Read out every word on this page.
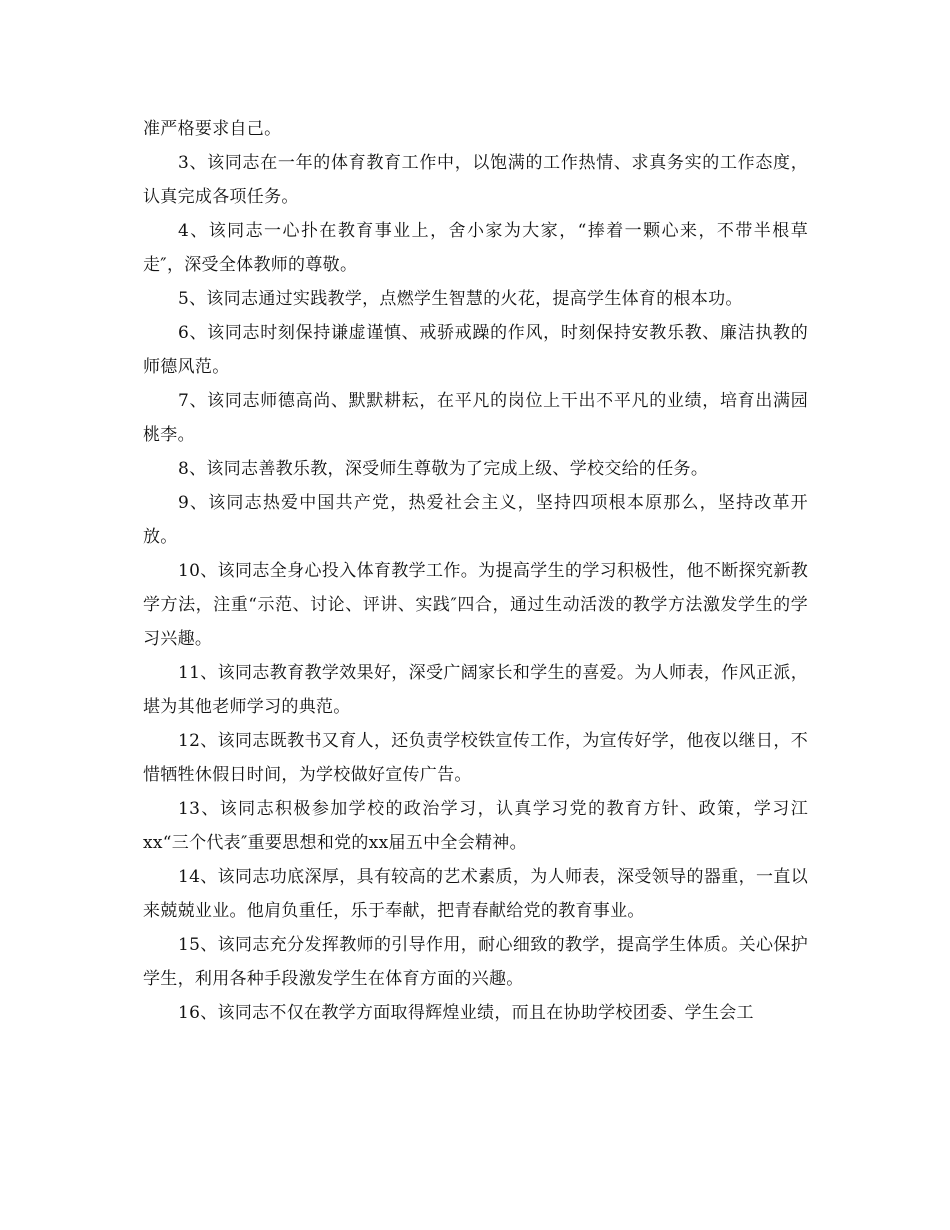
准严格要求自己。

3、该同志在一年的体育教育工作中，以饱满的工作热情、求真务实的工作态度，认真完成各项任务。

4、该同志一心扑在教育事业上，舍小家为大家，“捧着一颗心来，不带半根草走″，深受全体教师的尊敬。

5、该同志通过实践教学，点燃学生智慧的火花，提高学生体育的根本功。

6、该同志时刻保持谦虚谨慎、戒骄戒躁的作风，时刻保持安教乐教、廉洁执教的师德风范。

7、该同志师德高尚、默默耕耘，在平凡的岗位上干出不平凡的业绩，培育出满园桃李。

8、该同志善教乐教，深受师生尊敬为了完成上级、学校交给的任务。

9、该同志热爱中国共产党，热爱社会主义，坚持四项根本原那么，坚持改革开放。

10、该同志全身心投入体育教学工作。为提高学生的学习积极性，他不断探究新教学方法，注重“示范、讨论、评讲、实践″四合，通过生动活泼的教学方法激发学生的学习兴趣。

11、该同志教育教学效果好，深受广阔家长和学生的喜爱。为人师表，作风正派，堪为其他老师学习的典范。

12、该同志既教书又育人，还负责学校铁宣传工作，为宣传好学，他夜以继日，不惜牺牲休假日时间，为学校做好宣传广告。

13、该同志积极参加学校的政治学习，认真学习党的教育方针、政策，学习江xx“三个代表″重要思想和党的xx届五中全会精神。

14、该同志功底深厚，具有较高的艺术素质，为人师表，深受领导的器重，一直以来兢兢业业。他肩负重任，乐于奉献，把青春献给党的教育事业。

15、该同志充分发挥教师的引导作用，耐心细致的教学，提高学生体质。关心保护学生，利用各种手段激发学生在体育方面的兴趣。

16、该同志不仅在教学方面取得辉煌业绩，而且在协助学校团委、学生会工
